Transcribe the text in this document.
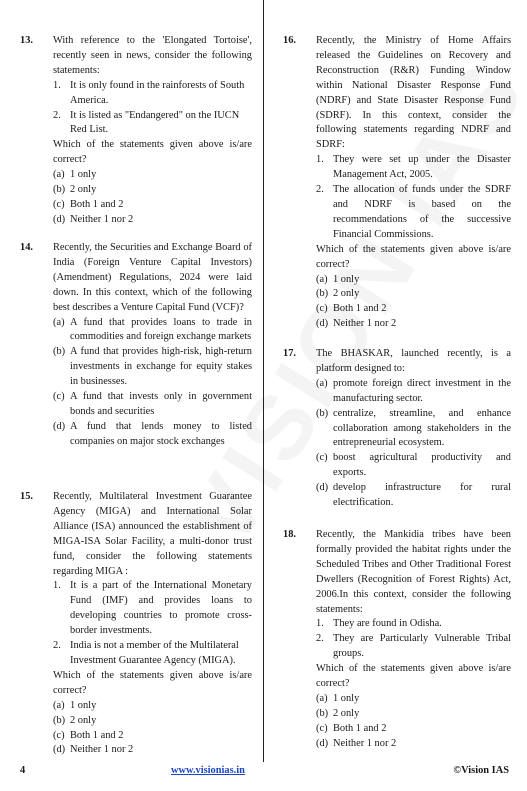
13. With reference to the 'Elongated Tortoise', recently seen in news, consider the following statements:

1. It is only found in the rainforests of South America.
2. It is listed as "Endangered" on the IUCN Red List.

Which of the statements given above is/are correct?

(a) 1 only
(b) 2 only
(c) Both 1 and 2
(d) Neither 1 nor 2
14. Recently, the Securities and Exchange Board of India (Foreign Venture Capital Investors) (Amendment) Regulations, 2024 were laid down. In this context, which of the following best describes a Venture Capital Fund (VCF)?

(a) A fund that provides loans to trade in commodities and foreign exchange markets
(b) A fund that provides high-risk, high-return investments in exchange for equity stakes in businesses.
(c) A fund that invests only in government bonds and securities
(d) A fund that lends money to listed companies on major stock exchanges
15. Recently, Multilateral Investment Guarantee Agency (MIGA) and International Solar Alliance (ISA) announced the establishment of MIGA-ISA Solar Facility, a multi-donor trust fund, consider the following statements regarding MIGA :

1. It is a part of the International Monetary Fund (IMF) and provides loans to developing countries to promote cross-border investments.
2. India is not a member of the Multilateral Investment Guarantee Agency (MIGA).

Which of the statements given above is/are correct?

(a) 1 only
(b) 2 only
(c) Both 1 and 2
(d) Neither 1 nor 2
16. Recently, the Ministry of Home Affairs released the Guidelines on Recovery and Reconstruction (R&R) Funding Window within National Disaster Response Fund (NDRF) and State Disaster Response Fund (SDRF). In this context, consider the following statements regarding NDRF and SDRF:

1. They were set up under the Disaster Management Act, 2005.
2. The allocation of funds under the SDRF and NDRF is based on the recommendations of the successive Financial Commissions.

Which of the statements given above is/are correct?

(a) 1 only
(b) 2 only
(c) Both 1 and 2
(d) Neither 1 nor 2
17. The BHASKAR, launched recently, is a platform designed to:

(a) promote foreign direct investment in the manufacturing sector.
(b) centralize, streamline, and enhance collaboration among stakeholders in the entrepreneurial ecosystem.
(c) boost agricultural productivity and exports.
(d) develop infrastructure for rural electrification.
18. Recently, the Mankidia tribes have been formally provided the habitat rights under the Scheduled Tribes and Other Traditional Forest Dwellers (Recognition of Forest Rights) Act, 2006.In this context, consider the following statements:

1. They are found in Odisha.
2. They are Particularly Vulnerable Tribal groups.

Which of the statements given above is/are correct?

(a) 1 only
(b) 2 only
(c) Both 1 and 2
(d) Neither 1 nor 2
4	www.visionias.in	©Vision IAS
